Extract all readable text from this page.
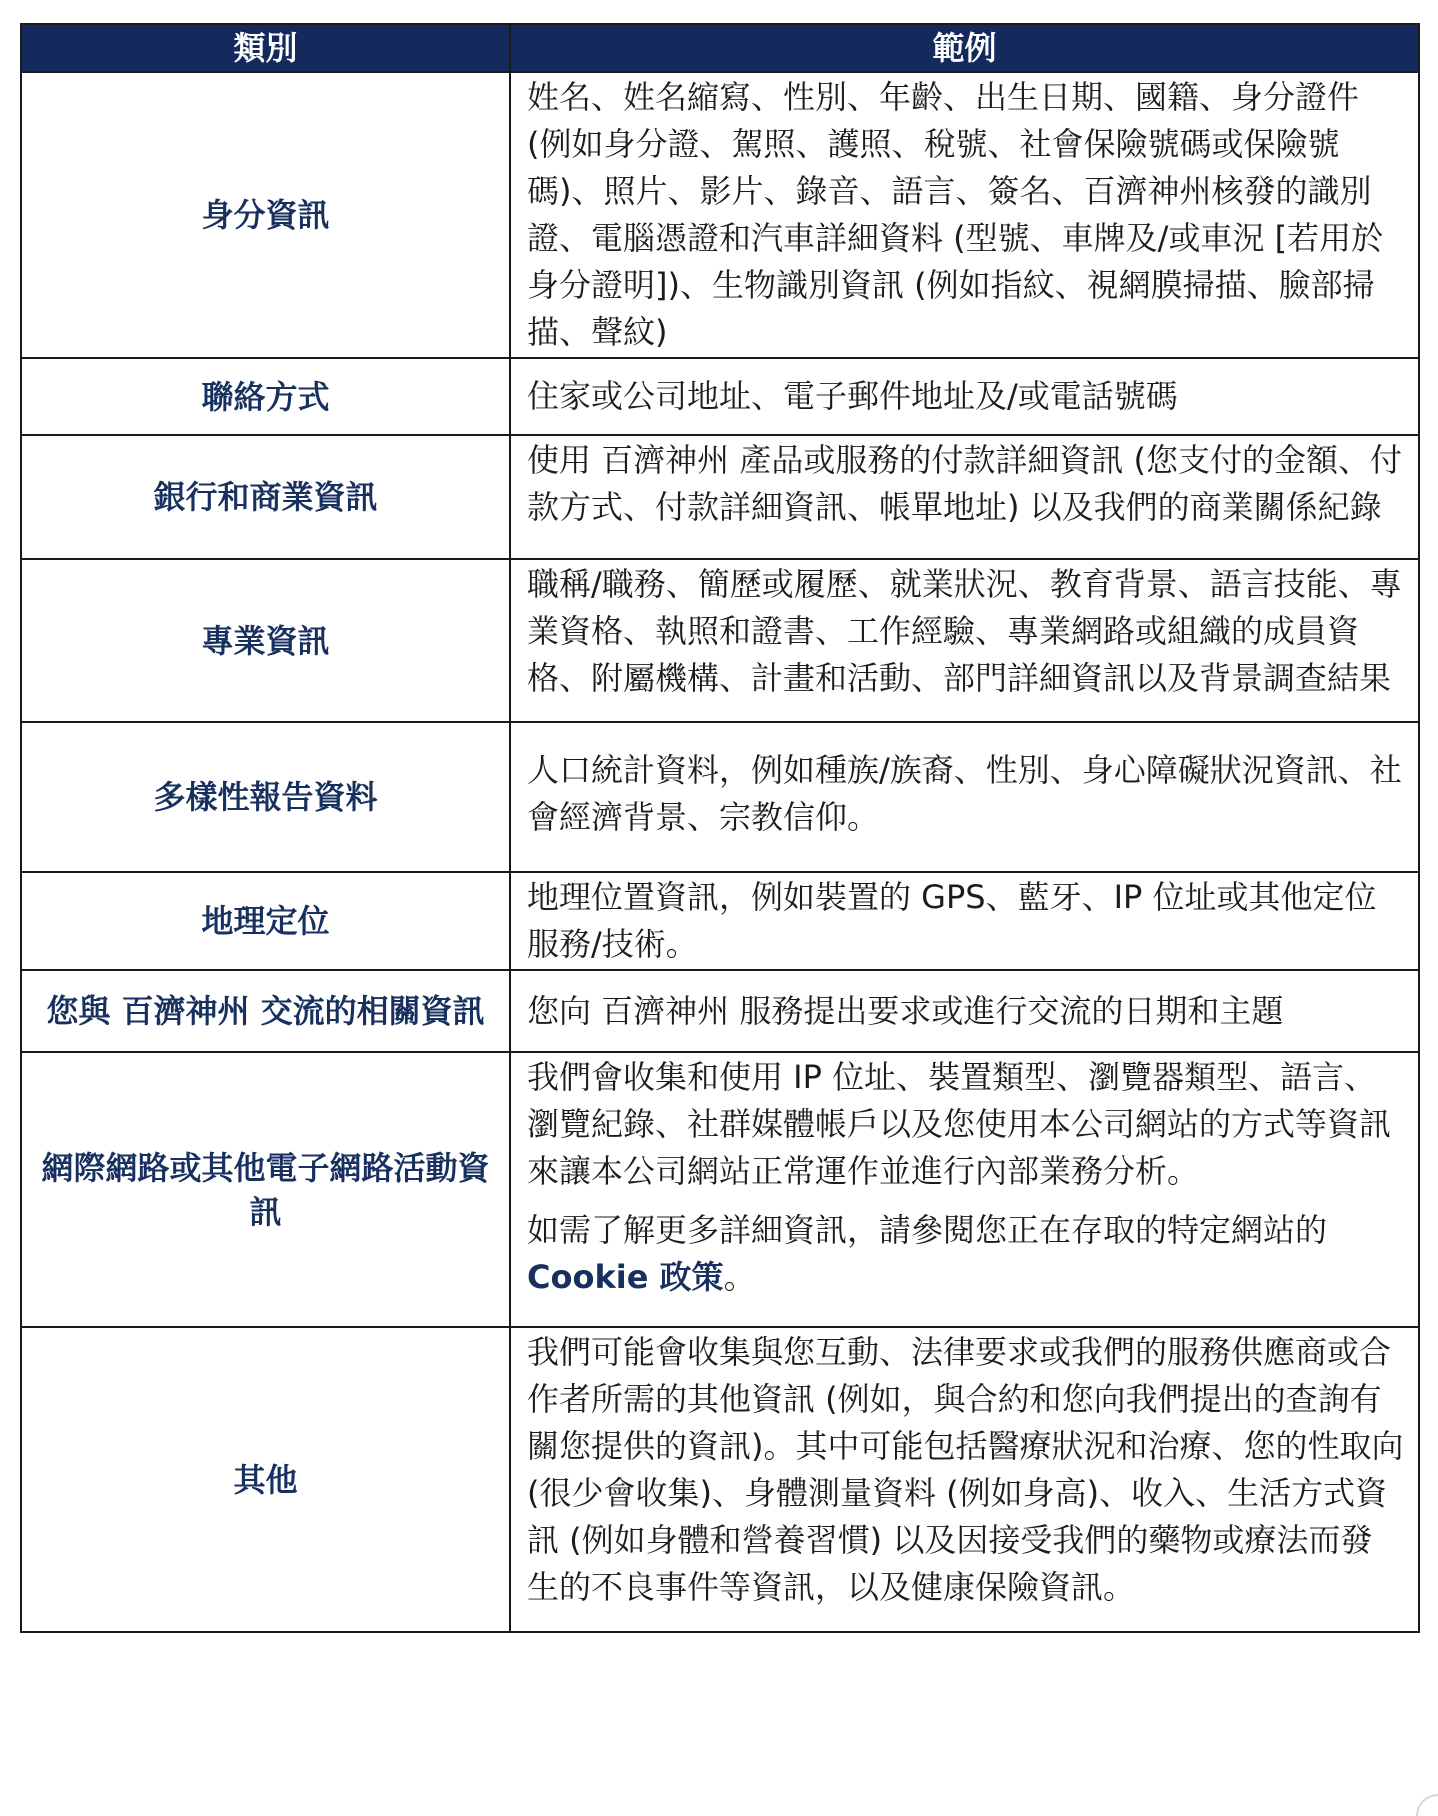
類別	範例
身分資訊	姓名、姓名縮寫、性別、年齡、出生日期、國籍、身分證件 (例如身分證、駕照、護照、稅號、社會保險號碼或保險號碼)、照片、影片、錄音、語言、簽名、百濟神州核發的識別證、電腦憑證和汽車詳細資料 (型號、車牌及/或車況 [若用於身分證明])、生物識別資訊 (例如指紋、視網膜掃描、臉部掃描、聲紋)
聯絡方式	住家或公司地址、電子郵件地址及/或電話號碼
銀行和商業資訊	使用 百濟神州 產品或服務的付款詳細資訊 (您支付的金額、付款方式、付款詳細資訊、帳單地址) 以及我們的商業關係紀錄
專業資訊	職稱/職務、簡歷或履歷、就業狀況、教育背景、語言技能、專業資格、執照和證書、工作經驗、專業網路或組織的成員資格、附屬機構、計畫和活動、部門詳細資訊以及背景調查結果
多樣性報告資料	人口統計資料，例如種族/族裔、性別、身心障礙狀況資訊、社會經濟背景、宗教信仰。
地理定位	地理位置資訊，例如裝置的 GPS、藍牙、IP 位址或其他定位服務/技術。
您與 百濟神州 交流的相關資訊	您向 百濟神州 服務提出要求或進行交流的日期和主題
網際網路或其他電子網路活動資訊	我們會收集和使用 IP 位址、裝置類型、瀏覽器類型、語言、瀏覽紀錄、社群媒體帳戶以及您使用本公司網站的方式等資訊來讓本公司網站正常運作並進行內部業務分析。

如需了解更多詳細資訊，請參閱您正在存取的特定網站的 Cookie 政策。

其他	我們可能會收集與您互動、法律要求或我們的服務供應商或合作者所需的其他資訊 (例如，與合約和您向我們提出的查詢有關您提供的資訊)。其中可能包括醫療狀況和治療、您的性取向 (很少會收集)、身體測量資料 (例如身高)、收入、生活方式資訊 (例如身體和營養習慣) 以及因接受我們的藥物或療法而發生的不良事件等資訊，以及健康保險資訊。
